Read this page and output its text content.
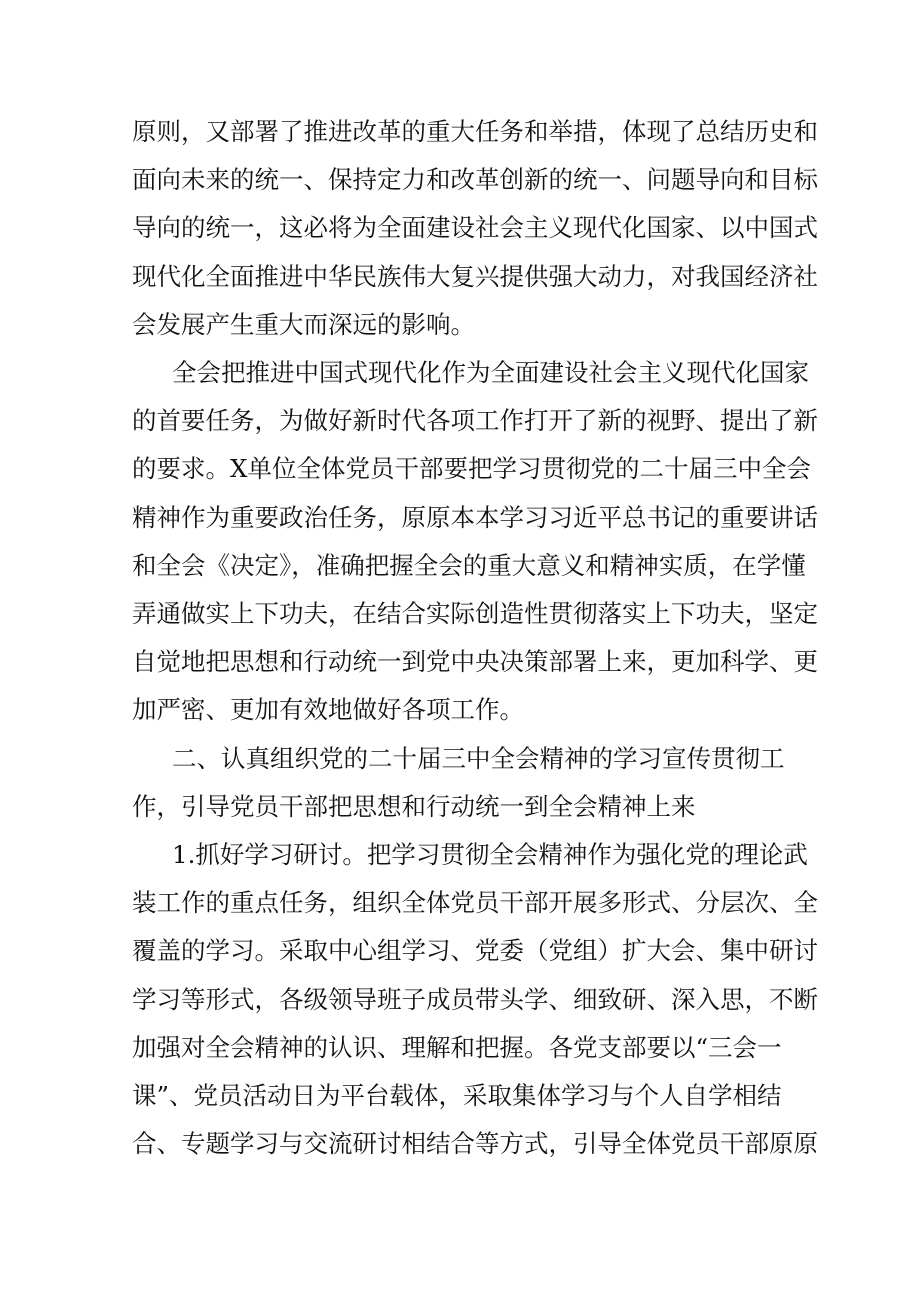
原则，又部署了推进改革的重大任务和举措，体现了总结历史和
面向未来的统一、保持定力和改革创新的统一、问题导向和目标
导向的统一，这必将为全面建设社会主义现代化国家、以中国式
现代化全面推进中华民族伟大复兴提供强大动力，对我国经济社
会发展产生重大而深远的影响。
全会把推进中国式现代化作为全面建设社会主义现代化国家
的首要任务，为做好新时代各项工作打开了新的视野、提出了新
的要求。X单位全体党员干部要把学习贯彻党的二十届三中全会
精神作为重要政治任务，原原本本学习习近平总书记的重要讲话
和全会《决定》，准确把握全会的重大意义和精神实质，在学懂
弄通做实上下功夫，在结合实际创造性贯彻落实上下功夫，坚定
自觉地把思想和行动统一到党中央决策部署上来，更加科学、更
加严密、更加有效地做好各项工作。
二、认真组织党的二十届三中全会精神的学习宣传贯彻工
作，引导党员干部把思想和行动统一到全会精神上来
1.抓好学习研讨。把学习贯彻全会精神作为强化党的理论武
装工作的重点任务，组织全体党员干部开展多形式、分层次、全
覆盖的学习。采取中心组学习、党委（党组）扩大会、集中研讨
学习等形式，各级领导班子成员带头学、细致研、深入思，不断
加强对全会精神的认识、理解和把握。各党支部要以“三会一
课”、党员活动日为平台载体，采取集体学习与个人自学相结
合、专题学习与交流研讨相结合等方式，引导全体党员干部原原
